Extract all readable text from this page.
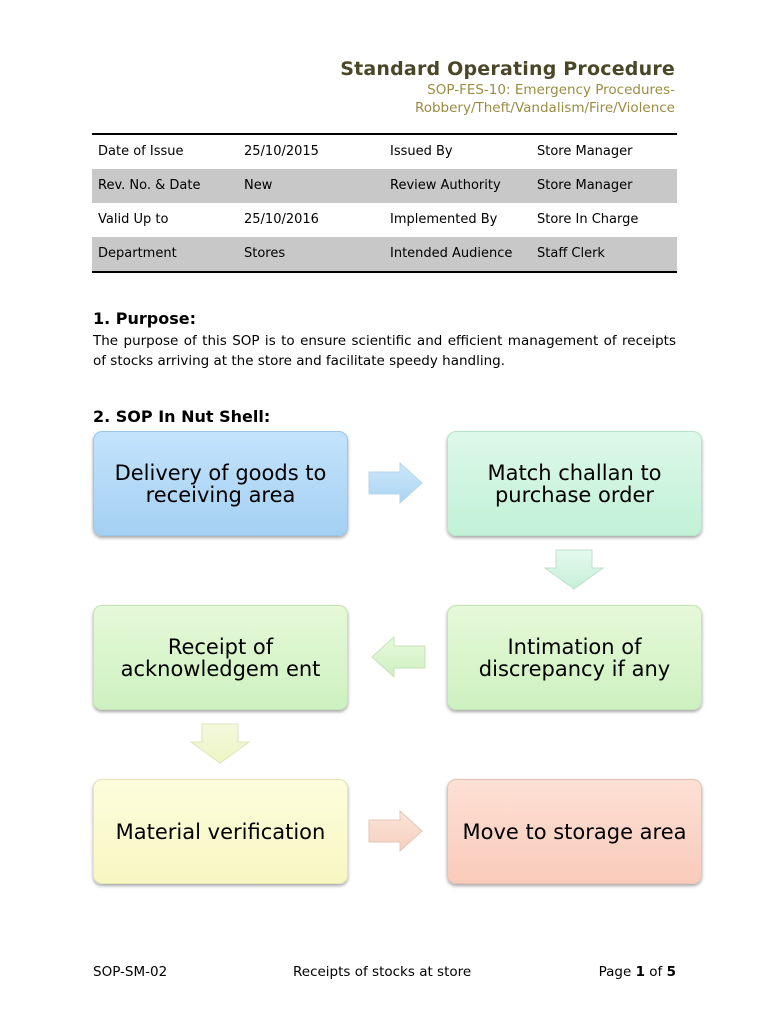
Standard Operating Procedure
SOP-FES-10: Emergency Procedures-
Robbery/Theft/Vandalism/Fire/Violence
Date of Issue	25/10/2015	Issued By	Store Manager
Rev. No. & Date	New	Review Authority	Store Manager
Valid Up to	25/10/2016	Implemented By	Store In Charge
Department	Stores	Intended Audience	Staff Clerk
1. Purpose:
The purpose of this SOP is to ensure scientific and efficient management of receipts of stocks arriving at the store and facilitate speedy handling.
2. SOP In Nut Shell:
Delivery of goods to receiving area
Match challan to purchase order
Intimation of discrepancy if any
Receipt of acknowledgem ent
Material verification	Move to storage area
SOP-SM-02	Receipts of stocks at store	Page 1 of 5
